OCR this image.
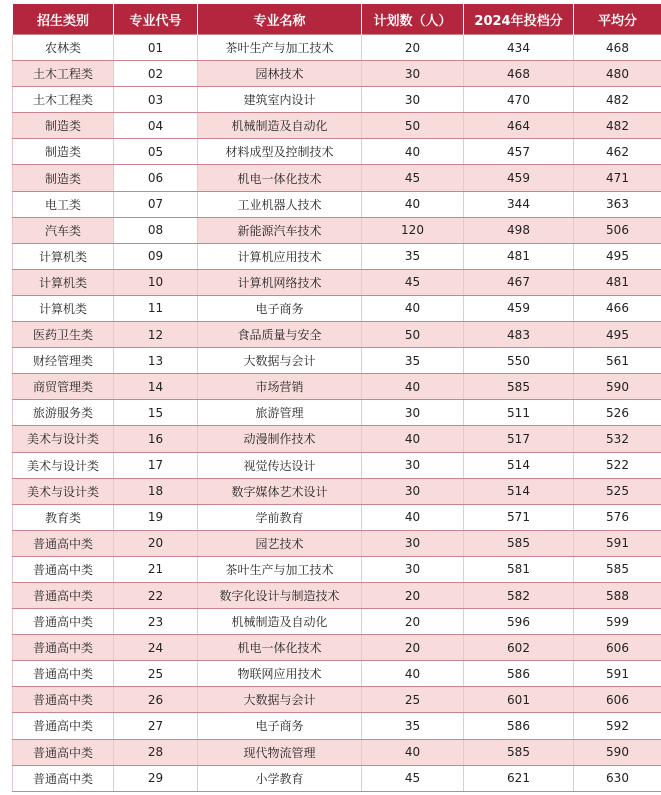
招生类别	专业代号	专业名称	计划数（人）	2024年投档分	平均分
农林类	01	茶叶生产与加工技术	20	434	468
土木工程类	02	园林技术	30	468	480
土木工程类	03	建筑室内设计	30	470	482
制造类	04	机械制造及自动化	50	464	482
制造类	05	材料成型及控制技术	40	457	462
制造类	06	机电一体化技术	45	459	471
电工类	07	工业机器人技术	40	344	363
汽车类	08	新能源汽车技术	120	498	506
计算机类	09	计算机应用技术	35	481	495
计算机类	10	计算机网络技术	45	467	481
计算机类	11	电子商务	40	459	466
医药卫生类	12	食品质量与安全	50	483	495
财经管理类	13	大数据与会计	35	550	561
商贸管理类	14	市场营销	40	585	590
旅游服务类	15	旅游管理	30	511	526
美术与设计类	16	动漫制作技术	40	517	532
美术与设计类	17	视觉传达设计	30	514	522
美术与设计类	18	数字媒体艺术设计	30	514	525
教育类	19	学前教育	40	571	576
普通高中类	20	园艺技术	30	585	591
普通高中类	21	茶叶生产与加工技术	30	581	585
普通高中类	22	数字化设计与制造技术	20	582	588
普通高中类	23	机械制造及自动化	20	596	599
普通高中类	24	机电一体化技术	20	602	606
普通高中类	25	物联网应用技术	40	586	591
普通高中类	26	大数据与会计	25	601	606
普通高中类	27	电子商务	35	586	592
普通高中类	28	现代物流管理	40	585	590
普通高中类	29	小学教育	45	621	630
